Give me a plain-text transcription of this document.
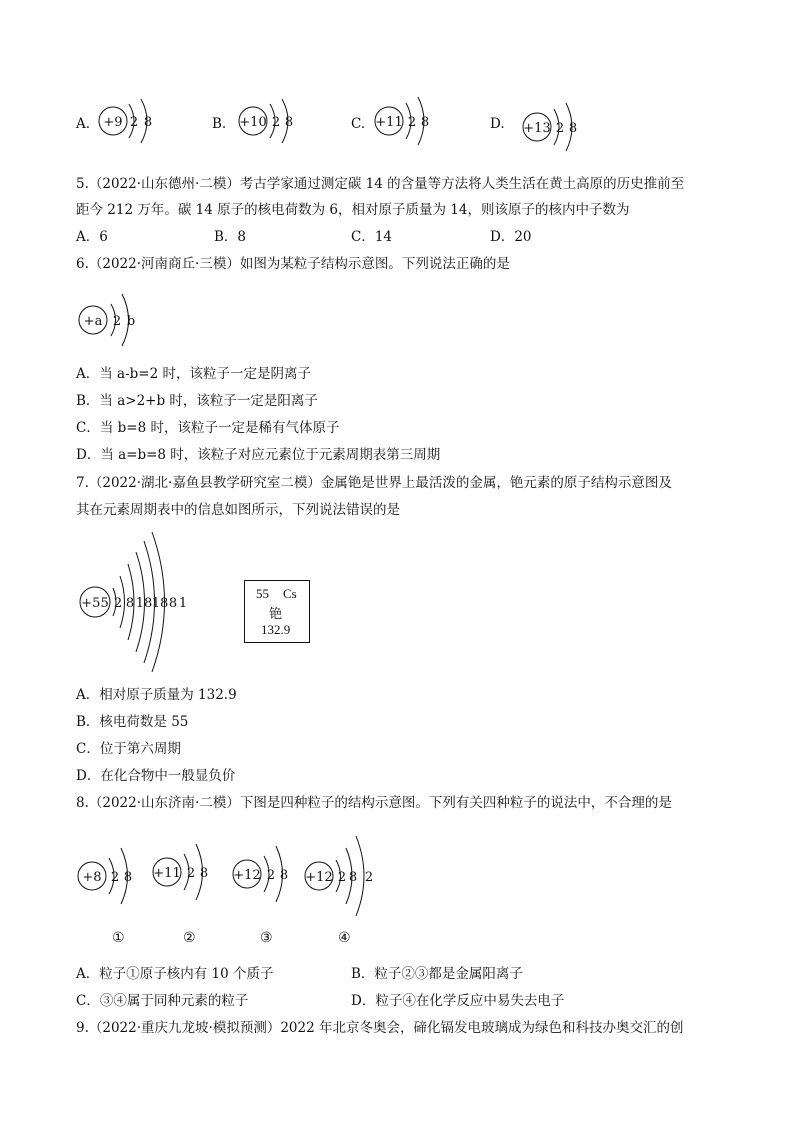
A. +9 2 8	B. +10 2 8	C. +11 2 8	D. +13 2 8
5.（2022·山东德州·二模）考古学家通过测定碳 14 的含量等方法将人类生活在黄土高原的历史推前至
距今 212 万年。碳 14 原子的核电荷数为 6，相对原子质量为 14，则该原子的核内中子数为
A．6	B．8	C．14	D．20
6.（2022·河南商丘·三模）如图为某粒子结构示意图。下列说法正确的是
+a 2 b
A．当 a-b=2 时，该粒子一定是阴离子
B．当 a>2+b 时，该粒子一定是阳离子
C．当 b=8 时，该粒子一定是稀有气体原子
D．当 a=b=8 时，该粒子对应元素位于元素周期表第三周期
7.（2022·湖北·嘉鱼县教学研究室二模）金属铯是世界上最活泼的金属，铯元素的原子结构示意图及
其在元素周期表中的信息如图所示，下列说法错误的是
+55 2 8 18 18 8 1
55 Cs
铯
132.9
A．相对原子质量为 132.9
B．核电荷数是 55
C．位于第六周期
D．在化合物中一般显负价
8.（2022·山东济南·二模）下图是四种粒子的结构示意图。下列有关四种粒子的说法中，不合理的是
+8 2 8
①
+11 2 8
②
+12 2 8
③
+12 2 8 2
④
A．粒子①原子核内有 10 个质子	B．粒子②③都是金属阳离子
C．③④属于同种元素的粒子	D．粒子④在化学反应中易失去电子
9.（2022·重庆九龙坡·模拟预测）2022 年北京冬奥会，碲化镉发电玻璃成为绿色和科技办奥交汇的创
